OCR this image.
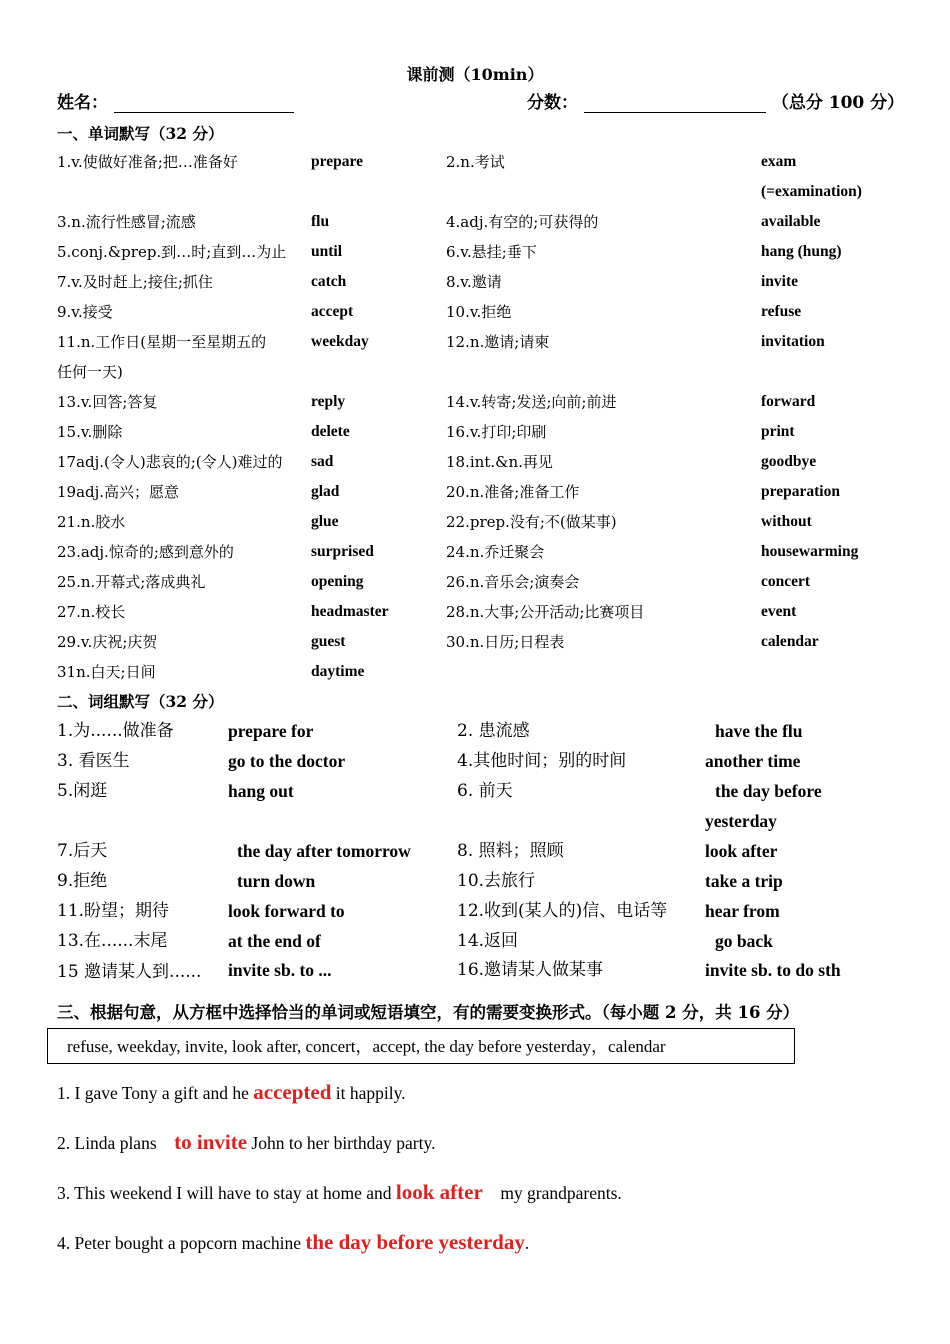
课前测（10min）
姓名：	分数：	（总分 100 分）
一、单词默写（32 分）
1.v.使做好准备;把…准备好	prepare	2.n.考试	exam
(=examination)
3.n.流行性感冒;流感	flu	4.adj.有空的;可获得的	available
5.conj.&prep.到…时;直到…为止 until	6.v.悬挂;垂下	hang (hung)
7.v.及时赶上;接住;抓住	catch	8.v.邀请	invite
9.v.接受	accept	10.v.拒绝	refuse
11.n.工作日(星期一至星期五的	weekday
任何一天)
12.n.邀请;请柬	invitation
13.v.回答;答复	reply	14.v.转寄;发送;向前;前进	forward
15.v.删除	delete	16.v.打印;印刷	print
17adj.(令人)悲哀的;(令人)难过的 sad	18.int.&n.再见	goodbye
19adj.高兴；愿意	glad	20.n.准备;准备工作	preparation
21.n.胶水	glue	22.prep.没有;不(做某事)	without
23.adj.惊奇的;感到意外的	surprised	24.n.乔迁聚会	housewarming
25.n.开幕式;落成典礼	opening	26.n.音乐会;演奏会	concert
27.n.校长	headmaster	28.n.大事;公开活动;比赛项目	event
29.v.庆祝;庆贺	guest	30.n.日历;日程表	calendar
31n.白天;日间	daytime
二、词组默写（32 分）
1.为......做准备	prepare for	2. 患流感	have the flu
3. 看医生	go to the doctor	4.其他时间；别的时间	another time
5.闲逛	hang out	6. 前天	the day before
yesterday
7.后天	the day after tomorrow	8. 照料；照顾	look after
9.拒绝	turn down	10.去旅行	take a trip
11.盼望；期待	look forward to	12.收到(某人的)信、电话等 hear from
13.在......末尾	at the end of	14.返回	go back
15 邀请某人到...... invite sb. to ...	16.邀请某人做某事	invite sb. to do sth
三、根据句意，从方框中选择恰当的单词或短语填空，有的需要变换形式。（每小题 2 分，共 16 分）
refuse, weekday, invite, look after, concert，accept, the day before yesterday，calendar
1. I gave Tony a gift and he accepted it happily.
2. Linda plans    to invite John to her birthday party.
3. This weekend I will have to stay at home and look after    my grandparents.
4. Peter bought a popcorn machine the day before yesterday.
